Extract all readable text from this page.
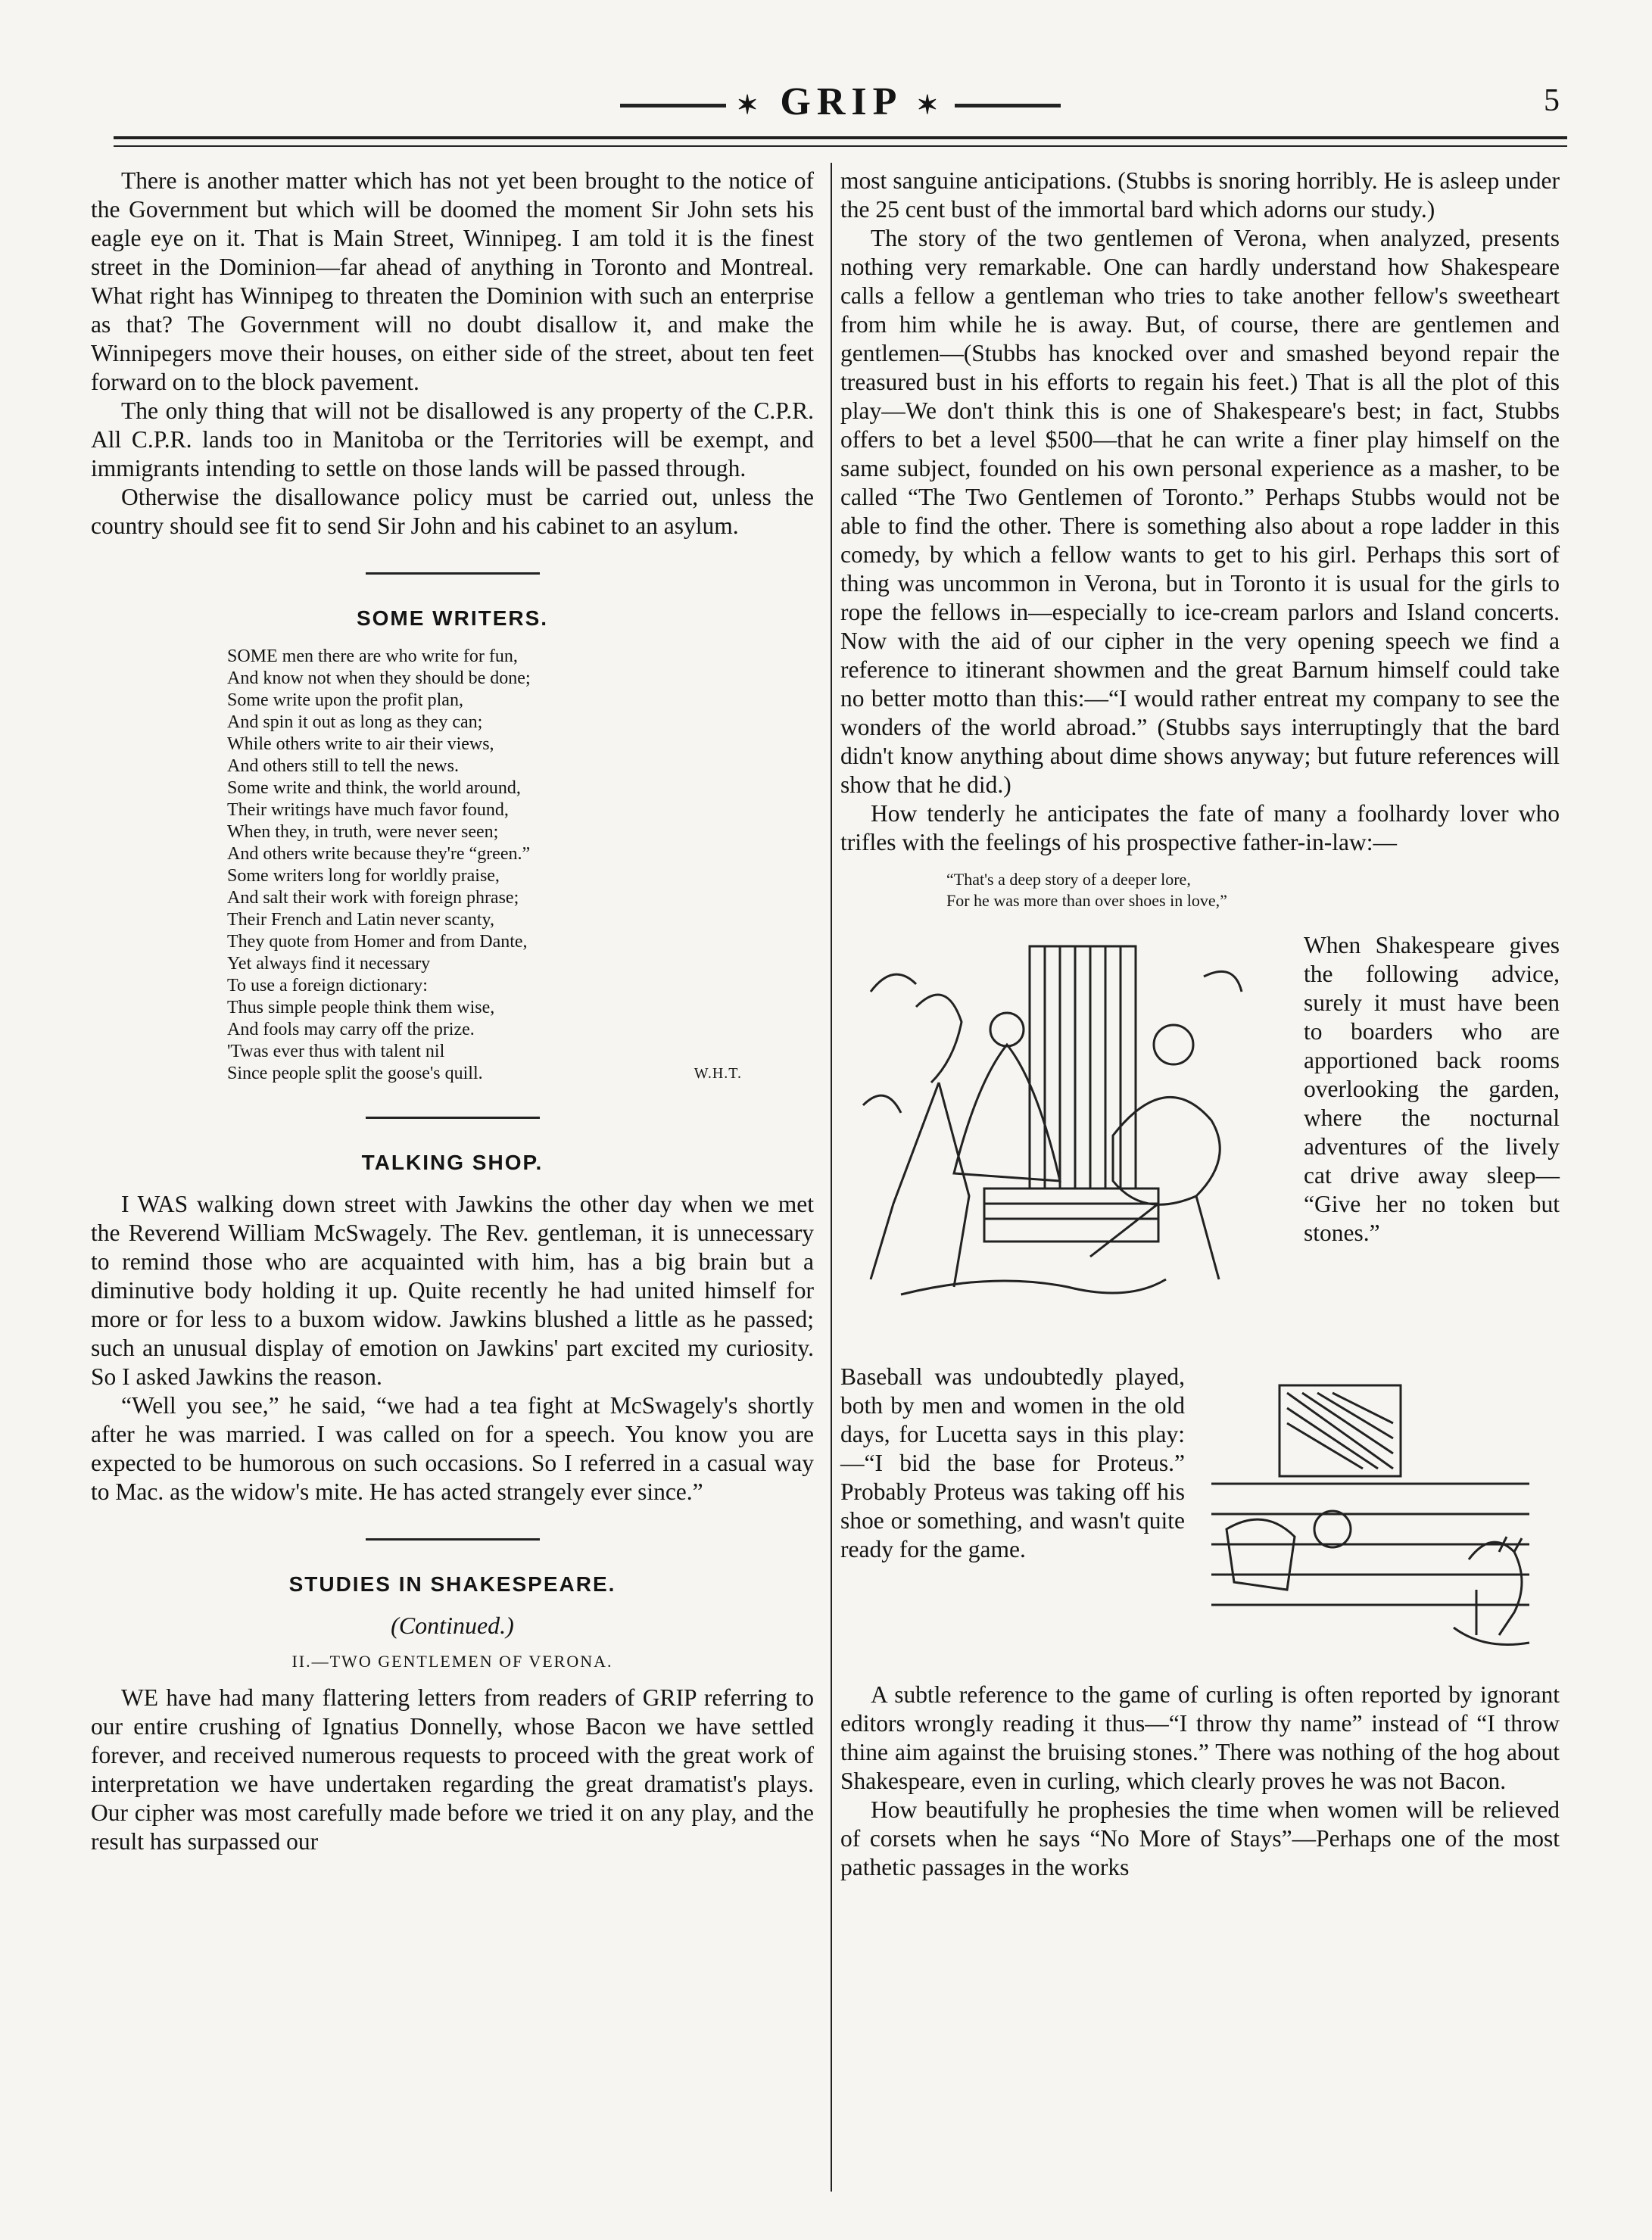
✶ GRIP ✶	5

There is another matter which has not yet been brought to the notice of the Government but which will be doomed the moment Sir John sets his eagle eye on it. That is Main Street, Winnipeg. I am told it is the finest street in the Dominion—far ahead of anything in Toronto and Montreal. What right has Winnipeg to threaten the Dominion with such an enterprise as that? The Government will no doubt disallow it, and make the Winnipegers move their houses, on either side of the street, about ten feet forward on to the block pavement.

The only thing that will not be disallowed is any property of the C.P.R. All C.P.R. lands too in Manitoba or the Territories will be exempt, and immigrants intending to settle on those lands will be passed through.

Otherwise the disallowance policy must be carried out, unless the country should see fit to send Sir John and his cabinet to an asylum.

SOME WRITERS.
SOME men there are who write for fun,
And know not when they should be done;
Some write upon the profit plan,
And spin it out as long as they can;
While others write to air their views,
And others still to tell the news.
Some write and think, the world around,
Their writings have much favor found,
When they, in truth, were never seen;
And others write because they're “green.”
Some writers long for worldly praise,
And salt their work with foreign phrase;
Their French and Latin never scanty,
They quote from Homer and from Dante,
Yet always find it necessary
To use a foreign dictionary:
Thus simple people think them wise,
And fools may carry off the prize.
'Twas ever thus with talent nil
Since people split the goose's quill.	W.H.T.
TALKING SHOP.

I WAS walking down street with Jawkins the other day when we met the Reverend William McSwagely. The Rev. gentleman, it is unnecessary to remind those who are acquainted with him, has a big brain but a diminutive body holding it up. Quite recently he had united himself for more or for less to a buxom widow. Jawkins blushed a little as he passed; such an unusual display of emotion on Jawkins' part excited my curiosity. So I asked Jawkins the reason.

“Well you see,” he said, “we had a tea fight at McSwagely's shortly after he was married. I was called on for a speech. You know you are expected to be humorous on such occasions. So I referred in a casual way to Mac. as the widow's mite. He has acted strangely ever since.”

STUDIES IN SHAKESPEARE.
(Continued.)
II.—TWO GENTLEMEN OF VERONA.

WE have had many flattering letters from readers of GRIP referring to our entire crushing of Ignatius Donnelly, whose Bacon we have settled forever, and received numerous requests to proceed with the great work of interpretation we have undertaken regarding the great dramatist's plays. Our cipher was most carefully made before we tried it on any play, and the result has surpassed our

most sanguine anticipations. (Stubbs is snoring horribly. He is asleep under the 25 cent bust of the immortal bard which adorns our study.)

The story of the two gentlemen of Verona, when analyzed, presents nothing very remarkable. One can hardly understand how Shakespeare calls a fellow a gentleman who tries to take another fellow's sweetheart from him while he is away. But, of course, there are gentlemen and gentlemen—(Stubbs has knocked over and smashed beyond repair the treasured bust in his efforts to regain his feet.) That is all the plot of this play—We don't think this is one of Shakespeare's best; in fact, Stubbs offers to bet a level $500—that he can write a finer play himself on the same subject, founded on his own personal experience as a masher, to be called “The Two Gentlemen of Toronto.” Perhaps Stubbs would not be able to find the other. There is something also about a rope ladder in this comedy, by which a fellow wants to get to his girl. Perhaps this sort of thing was uncommon in Verona, but in Toronto it is usual for the girls to rope the fellows in—especially to ice-cream parlors and Island concerts. Now with the aid of our cipher in the very opening speech we find a reference to itinerant showmen and the great Barnum himself could take no better motto than this:—“I would rather entreat my company to see the wonders of the world abroad.” (Stubbs says interruptingly that the bard didn't know anything about dime shows anyway; but future references will show that he did.)

How tenderly he anticipates the fate of many a foolhardy lover who trifles with the feelings of his prospective father-in-law:—

“That's a deep story of a deeper lore,
For he was more than over shoes in love,”
When Shakespeare gives the following advice, surely it must have been to boarders who are apportioned back rooms overlooking the garden, where the nocturnal adventures of the lively cat drive away sleep— “Give her no token but stones.”
Baseball was undoubtedly played, both by men and women in the old days, for Lucetta says in this play:—“I bid the base for Proteus.” Probably Proteus was taking off his shoe or something, and wasn't quite ready for the game.

A subtle reference to the game of curling is often reported by ignorant editors wrongly reading it thus—“I throw thy name” instead of “I throw thine aim against the bruising stones.” There was nothing of the hog about Shakespeare, even in curling, which clearly proves he was not Bacon.

How beautifully he prophesies the time when women will be relieved of corsets when he says “No More of Stays”—Perhaps one of the most pathetic passages in the works
